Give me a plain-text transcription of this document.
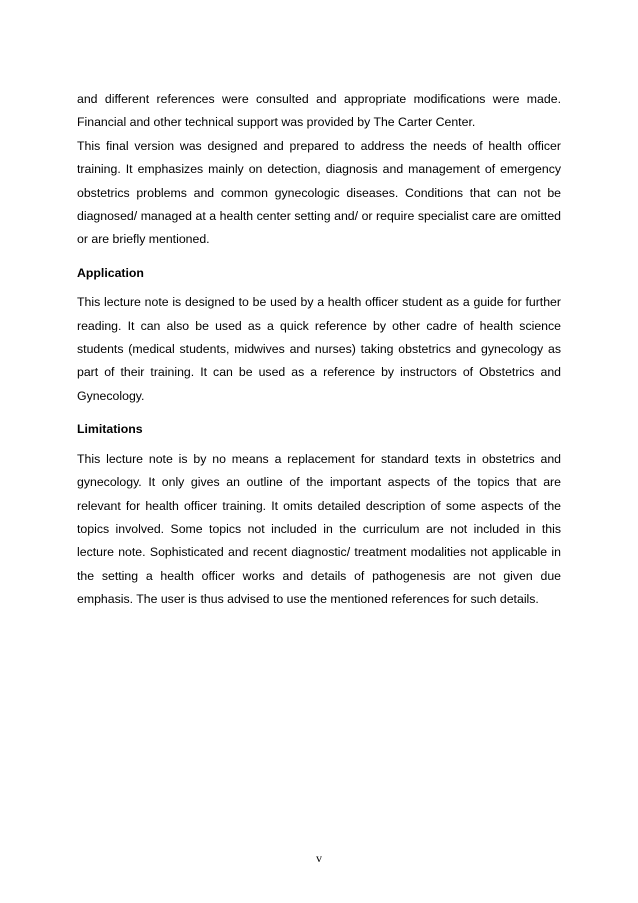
and different references were consulted and appropriate modifications were made. Financial and other technical support was provided by The Carter Center.

This final version was designed and prepared to address the needs of health officer training. It emphasizes mainly on detection, diagnosis and management of emergency obstetrics problems and common gynecologic diseases. Conditions that can not be diagnosed/ managed at a health center setting and/ or require specialist care are omitted or are briefly mentioned.

Application

This lecture note is designed to be used by a health officer student as a guide for further reading. It can also be used as a quick reference by other cadre of health science students (medical students, midwives and nurses) taking obstetrics and gynecology as part of their training. It can be used as a reference by instructors of Obstetrics and Gynecology.

Limitations

This lecture note is by no means a replacement for standard texts in obstetrics and gynecology. It only gives an outline of the important aspects of the topics that are relevant for health officer training. It omits detailed description of some aspects of the topics involved. Some topics not included in the curriculum are not included in this lecture note. Sophisticated and recent diagnostic/ treatment modalities not applicable in the setting a health officer works and details of pathogenesis are not given due emphasis. The user is thus advised to use the mentioned references for such details.

v
